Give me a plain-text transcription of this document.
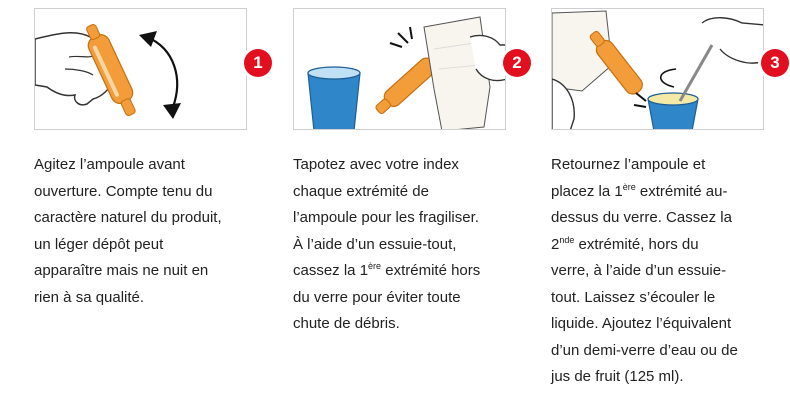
1
Agitez l’ampoule avant
ouverture. Compte tenu du
caractère naturel du produit,
un léger dépôt peut
apparaître mais ne nuit en
rien à sa qualité.
2
Tapotez avec votre index
chaque extrémité de
l’ampoule pour les fragiliser.
À l’aide d’un essuie-tout,
cassez la 1ère extrémité hors
du verre pour éviter toute
chute de débris.
3
Retournez l’ampoule et
placez la 1ère extrémité au-
dessus du verre. Cassez la
2nde extrémité, hors du
verre, à l’aide d’un essuie-
tout. Laissez s’écouler le
liquide. Ajoutez l’équivalent
d’un demi-verre d’eau ou de
jus de fruit (125 ml).
